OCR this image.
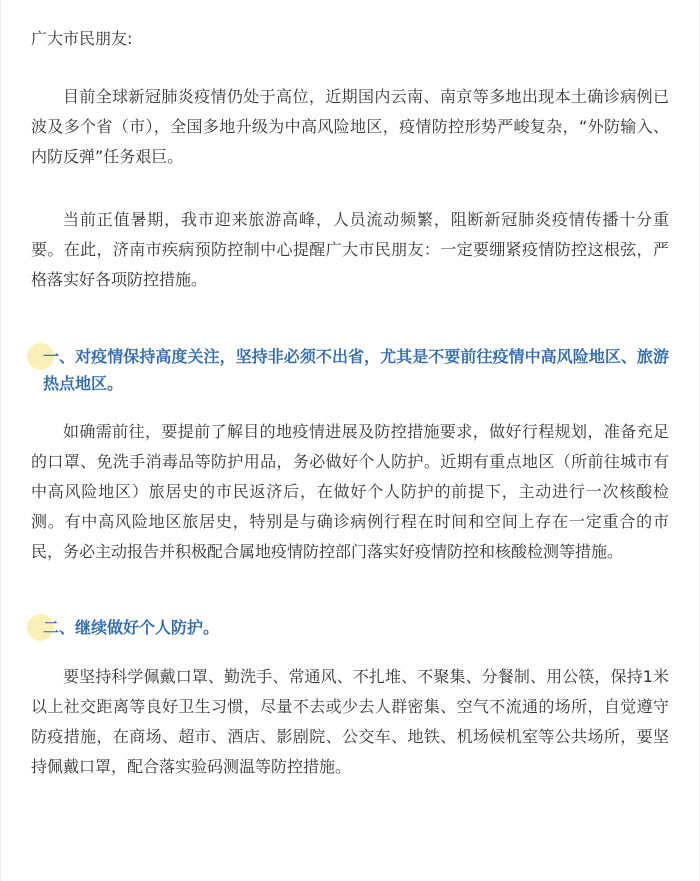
广大市民朋友:

目前全球新冠肺炎疫情仍处于高位，近期国内云南、南京等多地出现本土确诊病例已波及多个省（市），全国多地升级为中高风险地区，疫情防控形势严峻复杂，“外防输入、内防反弹”任务艰巨。

当前正值暑期，我市迎来旅游高峰，人员流动频繁，阻断新冠肺炎疫情传播十分重要。在此，济南市疾病预防控制中心提醒广大市民朋友：一定要绷紧疫情防控这根弦，严格落实好各项防控措施。

一、对疫情保持高度关注，坚持非必须不出省，尤其是不要前往疫情中高风险地区、旅游热点地区。

如确需前往，要提前了解目的地疫情进展及防控措施要求，做好行程规划，准备充足的口罩、免洗手消毒品等防护用品，务必做好个人防护。近期有重点地区（所前往城市有中高风险地区）旅居史的市民返济后，在做好个人防护的前提下，主动进行一次核酸检测。有中高风险地区旅居史，特别是与确诊病例行程在时间和空间上存在一定重合的市民，务必主动报告并积极配合属地疫情防控部门落实好疫情防控和核酸检测等措施。

二、继续做好个人防护。

要坚持科学佩戴口罩、勤洗手、常通风、不扎堆、不聚集、分餐制、用公筷，保持1米以上社交距离等良好卫生习惯，尽量不去或少去人群密集、空气不流通的场所，自觉遵守防疫措施，在商场、超市、酒店、影剧院、公交车、地铁、机场候机室等公共场所，要坚持佩戴口罩，配合落实验码测温等防控措施。
